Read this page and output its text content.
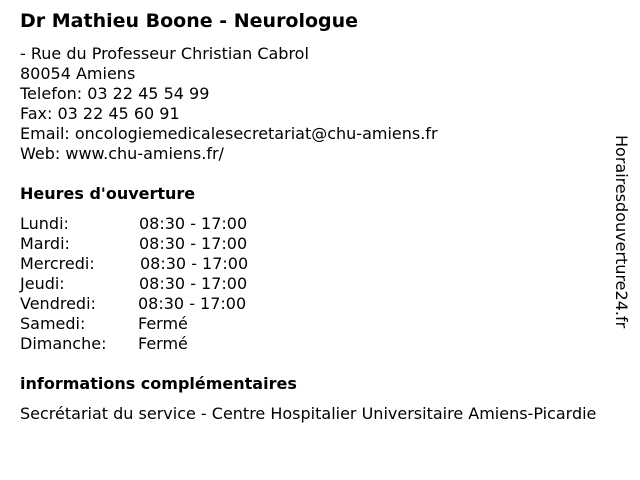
Dr Mathieu Boone - Neurologue
- Rue du Professeur Christian Cabrol
80054 Amiens
Telefon: 03 22 45 54 99
Fax: 03 22 45 60 91
Email: oncologiemedicalesecretariat@chu-amiens.fr
Web: www.chu-amiens.fr/
Heures d'ouverture
Lundi:	08:30 - 17:00
Mardi:	08:30 - 17:00
Mercredi:	08:30 - 17:00
Jeudi:	08:30 - 17:00
Vendredi:	08:30 - 17:00
Samedi:	Fermé
Dimanche: Fermé
informations complémentaires
Secrétariat du service - Centre Hospitalier Universitaire Amiens-Picardie
Horairesdouverture24.fr
